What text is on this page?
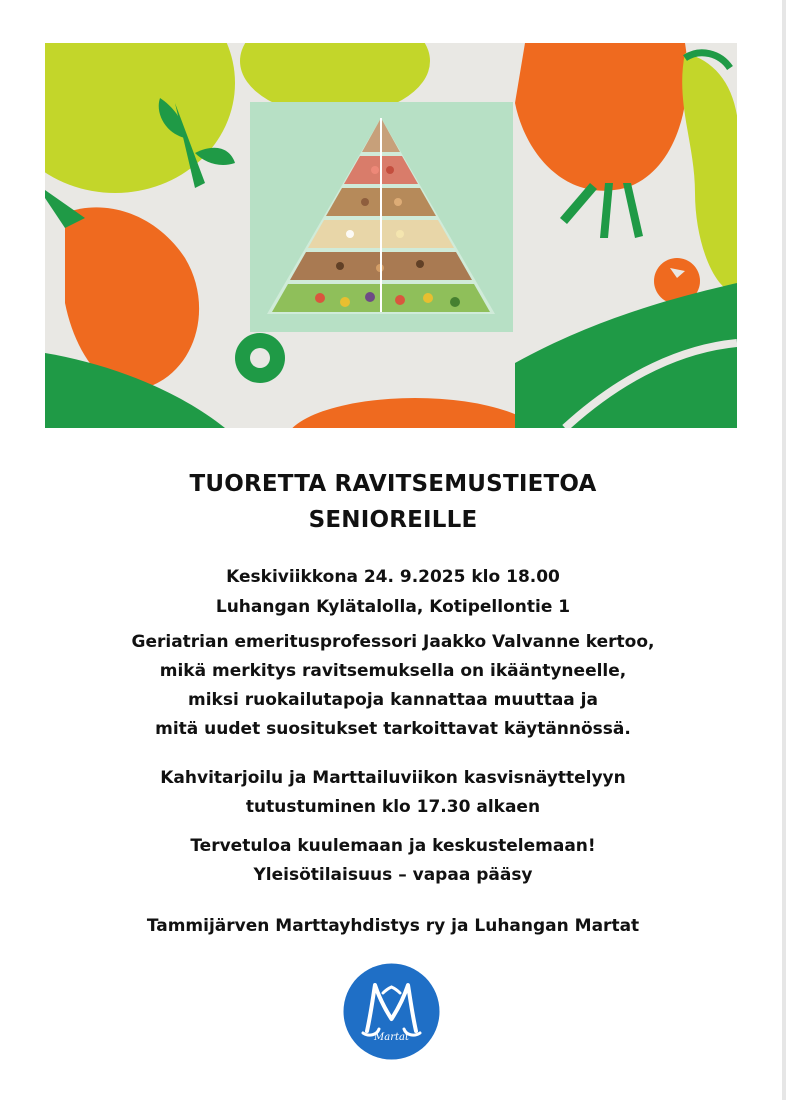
TUORETTA RAVITSEMUSTIETOA
SENIOREILLE
Keskiviikkona 24. 9.2025 klo 18.00
Luhangan Kylätalolla, Kotipellontie 1
Geriatrian emeritusprofessori Jaakko Valvanne kertoo,
mikä merkitys ravitsemuksella on ikääntyneelle,
miksi ruokailutapoja kannattaa muuttaa ja
mitä uudet suositukset tarkoittavat käytännössä.
Kahvitarjoilu ja Marttailuviikon kasvisnäyttelyyn
tutustuminen klo 17.30 alkaen
Tervetuloa kuulemaan ja keskustelemaan!
Yleisötilaisuus – vapaa pääsy
Tammijärven Marttayhdistys ry ja Luhangan Martat
Martat
